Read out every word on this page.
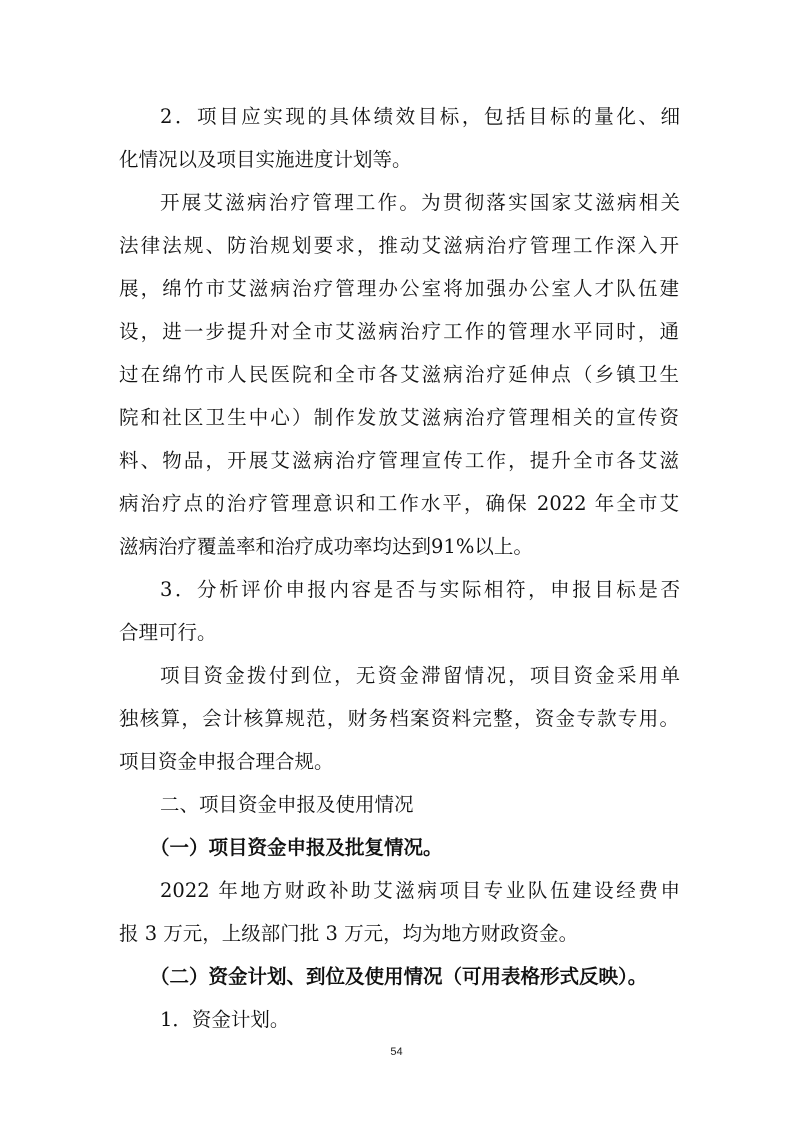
2．项目应实现的具体绩效目标，包括目标的量化、细
化情况以及项目实施进度计划等。
开展艾滋病治疗管理工作。为贯彻落实国家艾滋病相关
法律法规、防治规划要求，推动艾滋病治疗管理工作深入开
展，绵竹市艾滋病治疗管理办公室将加强办公室人才队伍建
设，进一步提升对全市艾滋病治疗工作的管理水平同时，通
过在绵竹市人民医院和全市各艾滋病治疗延伸点（乡镇卫生
院和社区卫生中心）制作发放艾滋病治疗管理相关的宣传资
料、物品，开展艾滋病治疗管理宣传工作，提升全市各艾滋
病治疗点的治疗管理意识和工作水平，确保 2022 年全市艾
滋病治疗覆盖率和治疗成功率均达到91%以上。
3．分析评价申报内容是否与实际相符，申报目标是否
合理可行。
项目资金拨付到位，无资金滞留情况，项目资金采用单
独核算，会计核算规范，财务档案资料完整，资金专款专用。
项目资金申报合理合规。
二、项目资金申报及使用情况
（一）项目资金申报及批复情况。
2022 年地方财政补助艾滋病项目专业队伍建设经费申
报 3 万元，上级部门批 3 万元，均为地方财政资金。
（二）资金计划、到位及使用情况（可用表格形式反映）。
1．资金计划。
54
